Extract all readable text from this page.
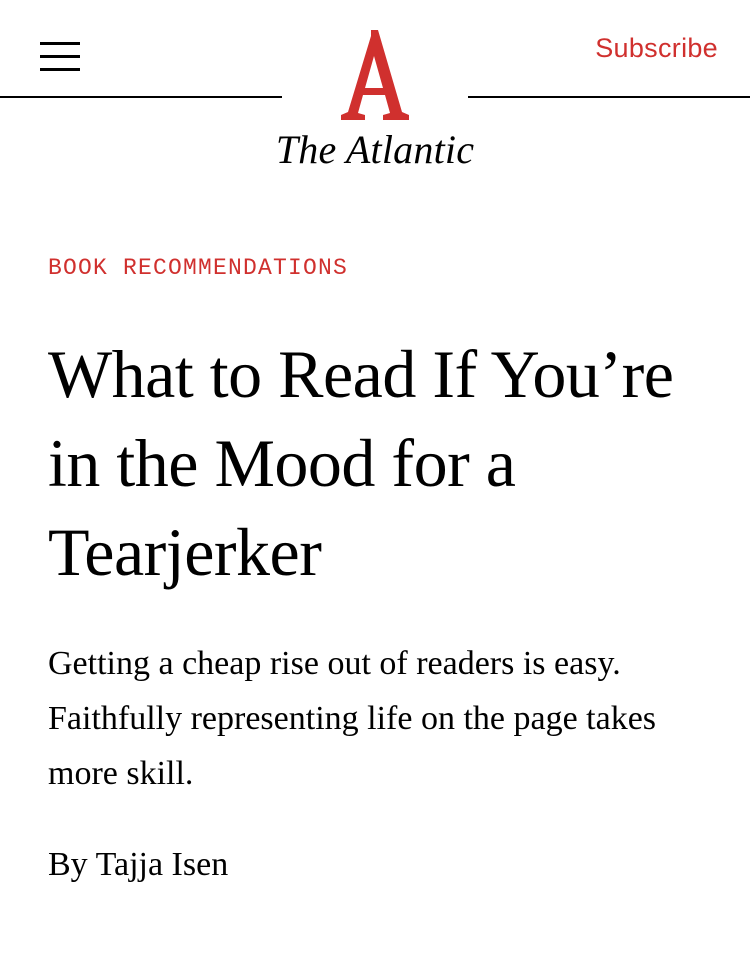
The Atlantic
Subscribe
BOOK RECOMMENDATIONS
What to Read If You’re in the Mood for a Tearjerker

Getting a cheap rise out of readers is easy. Faithfully representing life on the page takes more skill.

By Tajja Isen
